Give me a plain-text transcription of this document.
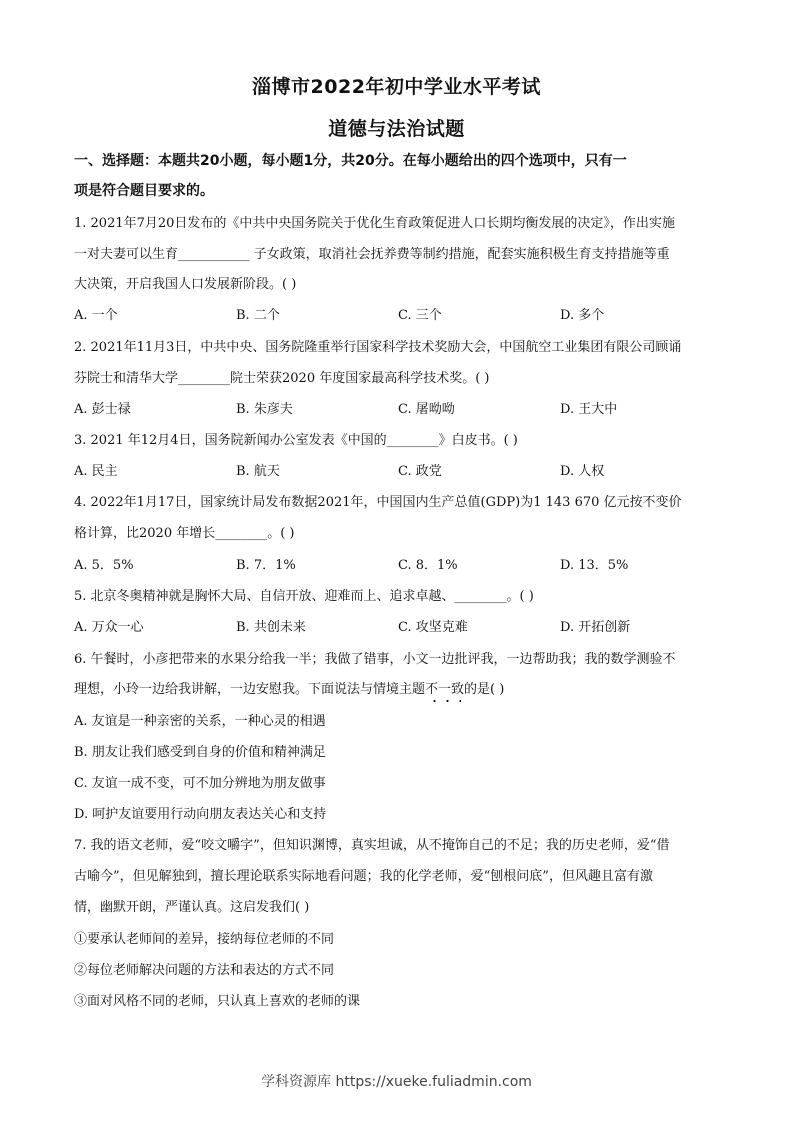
淄博市2022年初中学业水平考试
道德与法治试题
一、选择题：本题共20小题，每小题1分，共20分。在每小题给出的四个选项中，只有一
项是符合题目要求的。
1. 2021年7月20日发布的《中共中央国务院关于优化生育政策促进人口长期均衡发展的决定》，作出实施
一对夫妻可以生育___________ 子女政策，取消社会抚养费等制约措施，配套实施积极生育支持措施等重
大决策，开启我国人口发展新阶段。( )
A. 一个	B. 二个	C. 三个	D. 多个
2. 2021年11月3日，中共中央、国务院隆重举行国家科学技术奖励大会，中国航空工业集团有限公司顾诵
芬院士和清华大学________院士荣获2020 年度国家最高科学技术奖。( )
A. 彭士禄	B. 朱彦夫	C. 屠呦呦	D. 王大中
3. 2021 年12月4日，国务院新闻办公室发表《中国的________》白皮书。( )
A. 民主	B. 航天	C. 政党	D. 人权
4. 2022年1月17日，国家统计局发布数据2021年，中国国内生产总值(GDP)为1 143 670 亿元按不变价
格计算，比2020 年增长________。( )
A. 5．5%	B. 7．1%	C. 8．1%	D. 13．5%
5. 北京冬奥精神就是胸怀大局、自信开放、迎难而上、追求卓越、________。( )
A. 万众一心	B. 共创未来	C. 攻坚克难	D. 开拓创新
6. 午餐时，小彦把带来的水果分给我一半；我做了错事，小文一边批评我，一边帮助我；我的数学测验不
理想，小玲一边给我讲解，一边安慰我。下面说法与情境主题不一致的是( )
A. 友谊是一种亲密的关系，一种心灵的相遇
B. 朋友让我们感受到自身的价值和精神满足
C. 友谊一成不变，可不加分辨地为朋友做事
D. 呵护友谊要用行动向朋友表达关心和支持
7. 我的语文老师，爱“咬文嚼字”，但知识渊博，真实坦诚，从不掩饰自己的不足；我的历史老师，爱“借
古喻今”，但见解独到，擅长理论联系实际地看问题；我的化学老师，爱“刨根问底”，但风趣且富有激
情，幽默开朗，严谨认真。这启发我们( )
①要承认老师间的差异，接纳每位老师的不同
②每位老师解决问题的方法和表达的方式不同
③面对风格不同的老师，只认真上喜欢的老师的课
学科资源库 https://xueke.fuliadmin.com
